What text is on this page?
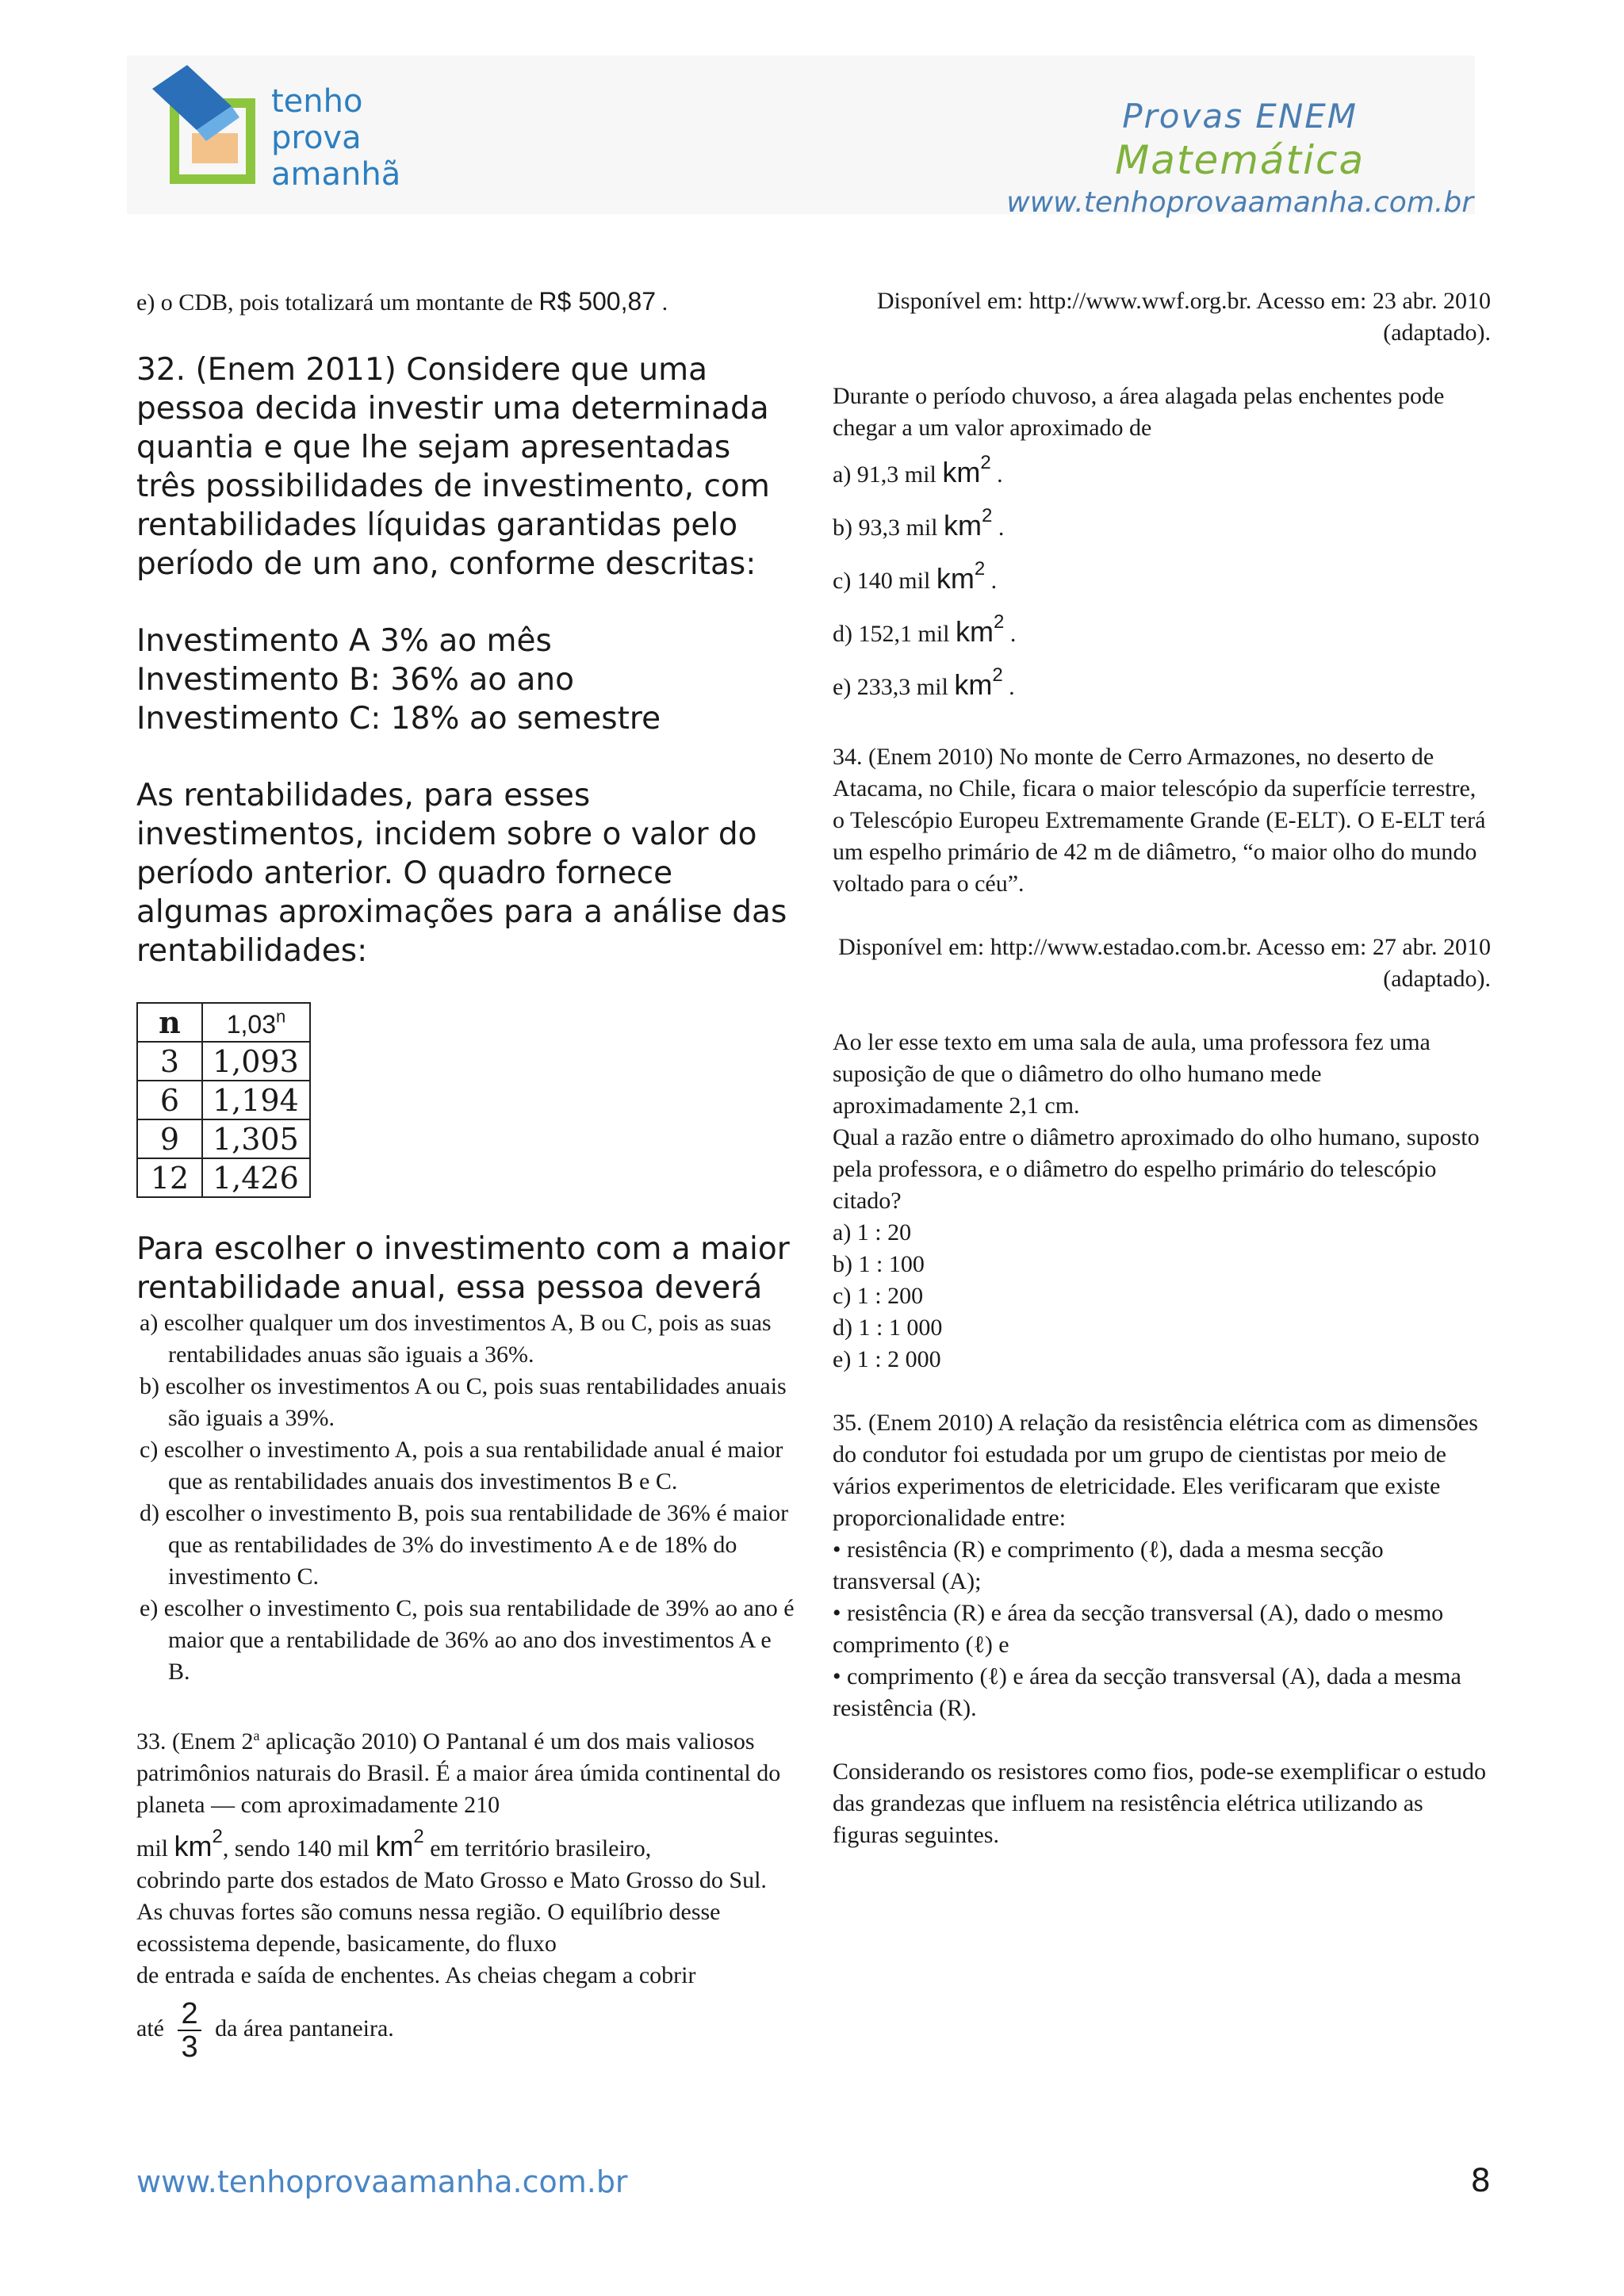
tenho
prova
amanhã
Provas ENEM
Matemática
www.tenhoprovaamanha.com.br

e) o CDB, pois totalizará um montante de R$ 500,87 .

32. (Enem 2011) Considere que uma pessoa decida investir uma determinada quantia e que lhe sejam apresentadas três possibilidades de investimento, com rentabilidades líquidas garantidas pelo período de um ano, conforme descritas:

Investimento A 3% ao mês

Investimento B: 36% ao ano

Investimento C: 18% ao semestre

As rentabilidades, para esses investimentos, incidem sobre o valor do período anterior. O quadro fornece algumas aproximações para a análise das rentabilidades:

n	1,03$^n$
3	1,093
6	1,194
9	1,305
12	1,426

Para escolher o investimento com a maior rentabilidade anual, essa pessoa deverá

a) escolher qualquer um dos investimentos A, B ou C, pois as suas rentabilidades anuas são iguais a 36%.

b) escolher os investimentos A ou C, pois suas rentabilidades anuais são iguais a 39%.

c) escolher o investimento A, pois a sua rentabilidade anual é maior que as rentabilidades anuais dos investimentos B e C.

d) escolher o investimento B, pois sua rentabilidade de 36% é maior que as rentabilidades de 3% do investimento A e de 18% do investimento C.

e) escolher o investimento C, pois sua rentabilidade de 39% ao ano é maior que a rentabilidade de 36% ao ano dos investimentos A e B.

33. (Enem 2$^a$ aplicação 2010) O Pantanal é um dos mais valiosos patrimônios naturais do Brasil. É a maior área úmida continental do planeta — com aproximadamente 210

mil $km^2$, sendo 140 mil $km^2$ em território brasileiro,

cobrindo parte dos estados de Mato Grosso e Mato Grosso do Sul. As chuvas fortes são comuns nessa região. O equilíbrio desse ecossistema depende, basicamente, do fluxo

de entrada e saída de enchentes. As cheias chegam a cobrir

até $\frac{2}{3}$ da área pantaneira.

Disponível em: http://www.wwf.org.br. Acesso em: 23 abr. 2010 (adaptado).

Durante o período chuvoso, a área alagada pelas enchentes pode chegar a um valor aproximado de

a) 91,3 mil $km^2$ .

b) 93,3 mil $km^2$ .

c) 140 mil $km^2$ .

d) 152,1 mil $km^2$ .

e) 233,3 mil $km^2$ .

34. (Enem 2010) No monte de Cerro Armazones, no deserto de Atacama, no Chile, ficara o maior telescópio da superfície terrestre, o Telescópio Europeu Extremamente Grande (E-ELT). O E-ELT terá um espelho primário de 42 m de diâmetro, “o maior olho do mundo voltado para o céu”.

Disponível em: http://www.estadao.com.br. Acesso em: 27 abr. 2010 (adaptado).

Ao ler esse texto em uma sala de aula, uma professora fez uma suposição de que o diâmetro do olho humano mede aproximadamente 2,1 cm.

Qual a razão entre o diâmetro aproximado do olho humano, suposto pela professora, e o diâmetro do espelho primário do telescópio citado?

a) 1 : 20

b) 1 : 100

c) 1 : 200

d) 1 : 1 000

e) 1 : 2 000

35. (Enem 2010) A relação da resistência elétrica com as dimensões do condutor foi estudada por um grupo de cientistas por meio de vários experimentos de eletricidade. Eles verificaram que existe proporcionalidade entre:

• resistência (R) e comprimento (ℓ), dada a mesma secção transversal (A);

• resistência (R) e área da secção transversal (A), dado o mesmo comprimento (ℓ) e

• comprimento (ℓ) e área da secção transversal (A), dada a mesma resistência (R).

Considerando os resistores como fios, pode-se exemplificar o estudo das grandezas que influem na resistência elétrica utilizando as figuras seguintes.

www.tenhoprovaamanha.com.br	8
